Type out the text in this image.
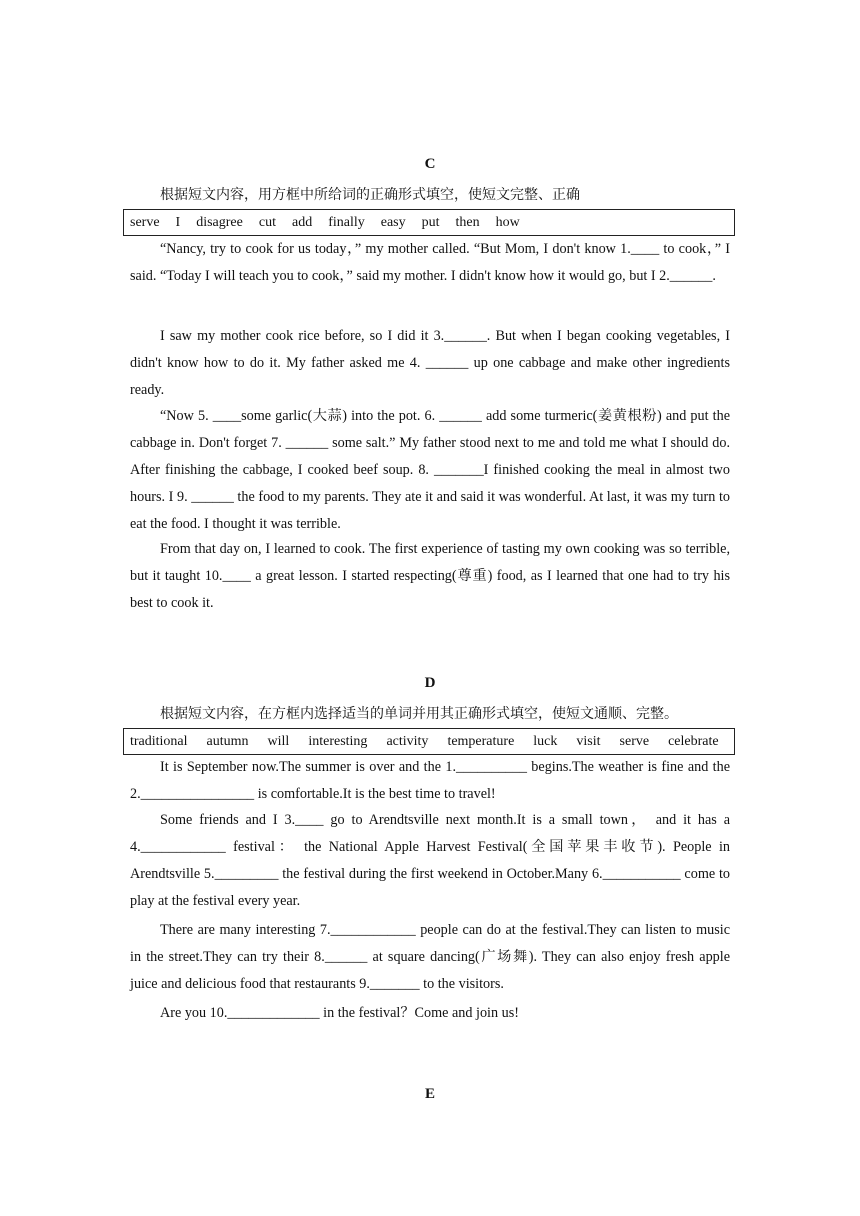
C
根据短文内容，用方框中所给词的正确形式填空，使短文完整、正确
serve I disagree cut add finally easy put then how

“Nancy, try to cook for us today，” my mother called. “But Mom, I don't know 1.____ to cook，” I said. “Today I will teach you to cook，” said my mother. I didn't know how it would go, but I 2.______.

I saw my mother cook rice before, so I did it 3.______. But when I began cooking vegetables, I didn't know how to do it. My father asked me 4. ______ up one cabbage and make other ingredients ready.

“Now 5. ____some garlic(大蒜) into the pot. 6. ______ add some turmeric(姜黄根粉) and put the cabbage in. Don't forget 7. ______ some salt.” My father stood next to me and told me what I should do. After finishing the cabbage, I cooked beef soup. 8. _______I finished cooking the meal in almost two hours. I 9. ______ the food to my parents. They ate it and said it was wonderful. At last, it was my turn to eat the food. I thought it was terrible.

From that day on, I learned to cook. The first experience of tasting my own cooking was so terrible, but it taught 10.____ a great lesson. I started respecting(尊重) food, as I learned that one had to try his best to cook it.

D
根据短文内容，在方框内选择适当的单词并用其正确形式填空，使短文通顺、完整。
traditional autumn will interesting activity temperature luck visit serve celebrate

It is September now.The summer is over and the 1.__________ begins.The weather is fine and the 2.________________ is comfortable.It is the best time to travel!

Some friends and I 3.____ go to Arendtsville next month.It is a small town， and it has a 4.____________ festival： the National Apple Harvest Festival(全国苹果丰收节). People in Arendtsville 5._________ the festival during the first weekend in October.Many 6.___________ come to play at the festival every year.

There are many interesting 7.____________ people can do at the festival.They can listen to music in the street.They can try their 8.______ at square dancing(广场舞). They can also enjoy fresh apple juice and delicious food that restaurants 9._______ to the visitors.

Are you 10._____________ in the festival？Come and join us!

E
